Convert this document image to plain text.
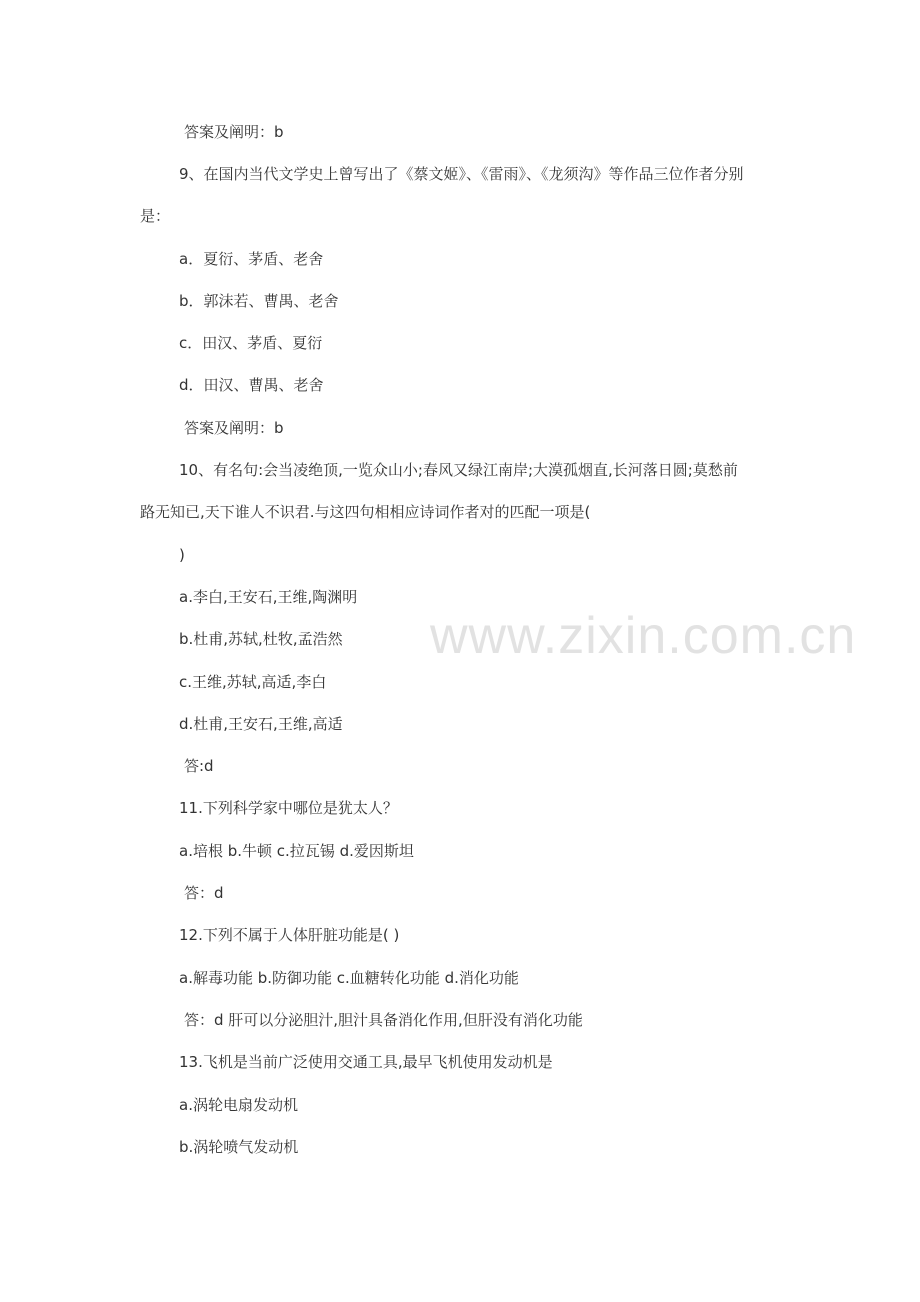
答案及阐明：b
9、在国内当代文学史上曾写出了《蔡文姬》、《雷雨》、《龙须沟》等作品三位作者分别
是：
a．夏衍、茅盾、老舍
b．郭沫若、曹禺、老舍
c．田汉、茅盾、夏衍
d．田汉、曹禺、老舍
答案及阐明：b
10、有名句:会当凌绝顶,一览众山小;春风又绿江南岸;大漠孤烟直,长河落日圆;莫愁前
路无知已,天下谁人不识君.与这四句相相应诗词作者对的匹配一项是(
)
a.李白,王安石,王维,陶渊明
b.杜甫,苏轼,杜牧,孟浩然
c.王维,苏轼,高适,李白
d.杜甫,王安石,王维,高适
答:d
11.下列科学家中哪位是犹太人？
a.培根 b.牛顿 c.拉瓦锡 d.爱因斯坦
答：d
12.下列不属于人体肝脏功能是( )
a.解毒功能 b.防御功能 c.血糖转化功能 d.消化功能
答：d 肝可以分泌胆汁,胆汁具备消化作用,但肝没有消化功能
13.飞机是当前广泛使用交通工具,最早飞机使用发动机是
a.涡轮电扇发动机
b.涡轮喷气发动机
www.zixin.com.cn
